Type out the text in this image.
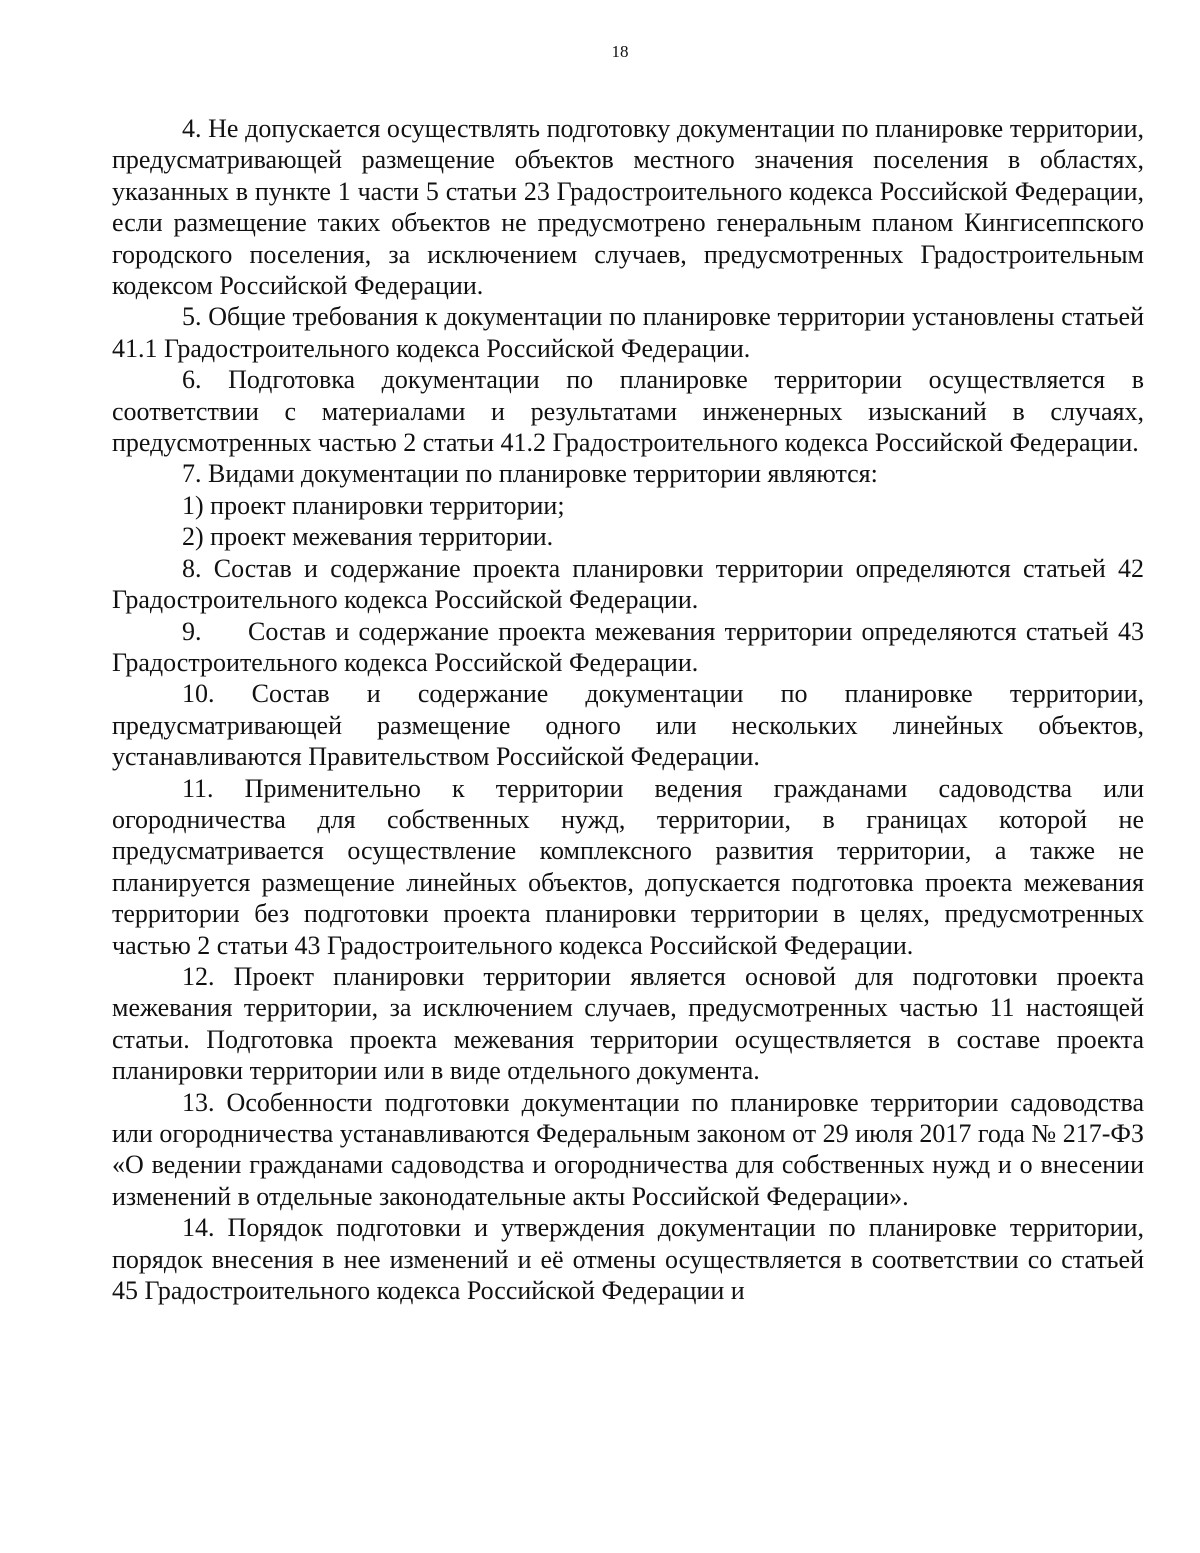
18

4. Не допускается осуществлять подготовку документации по планировке территории, предусматривающей размещение объектов местного значения поселения в областях, указанных в пункте 1 части 5 статьи 23 Градостроительного кодекса Российской Федерации, если размещение таких объектов не предусмотрено генеральным планом Кингисеппского городского поселения, за исключением случаев, предусмотренных Градостроительным кодексом Российской Федерации.

5. Общие требования к документации по планировке территории установлены статьей 41.1 Градостроительного кодекса Российской Федерации.

6. Подготовка документации по планировке территории осуществляется в соответствии с материалами и результатами инженерных изысканий в случаях, предусмотренных частью 2 статьи 41.2 Градостроительного кодекса Российской Федерации.

7. Видами документации по планировке территории являются:

1) проект планировки территории;

2) проект межевания территории.

8. Состав и содержание проекта планировки территории определяются статьей 42 Градостроительного кодекса Российской Федерации.

9.     Состав и содержание проекта межевания территории определяются статьей 43 Градостроительного кодекса Российской Федерации.

10. Состав и содержание документации по планировке территории, предусматривающей размещение одного или нескольких линейных объектов, устанавливаются Правительством Российской Федерации.

11. Применительно к территории ведения гражданами садоводства или огородничества для собственных нужд, территории, в границах которой не предусматривается осуществление комплексного развития территории, а также не планируется размещение линейных объектов, допускается подготовка проекта межевания территории без подготовки проекта планировки территории в целях, предусмотренных частью 2 статьи 43 Градостроительного кодекса Российской Федерации.

12. Проект планировки территории является основой для подготовки проекта межевания территории, за исключением случаев, предусмотренных частью 11 настоящей статьи. Подготовка проекта межевания территории осуществляется в составе проекта планировки территории или в виде отдельного документа.

13. Особенности подготовки документации по планировке территории садоводства или огородничества устанавливаются Федеральным законом от 29 июля 2017 года № 217-ФЗ «О ведении гражданами садоводства и огородничества для собственных нужд и о внесении изменений в отдельные законодательные акты Российской Федерации».

14. Порядок подготовки и утверждения документации по планировке территории, порядок внесения в нее изменений и её отмены осуществляется в соответствии со статьей 45 Градостроительного кодекса Российской Федерации и
